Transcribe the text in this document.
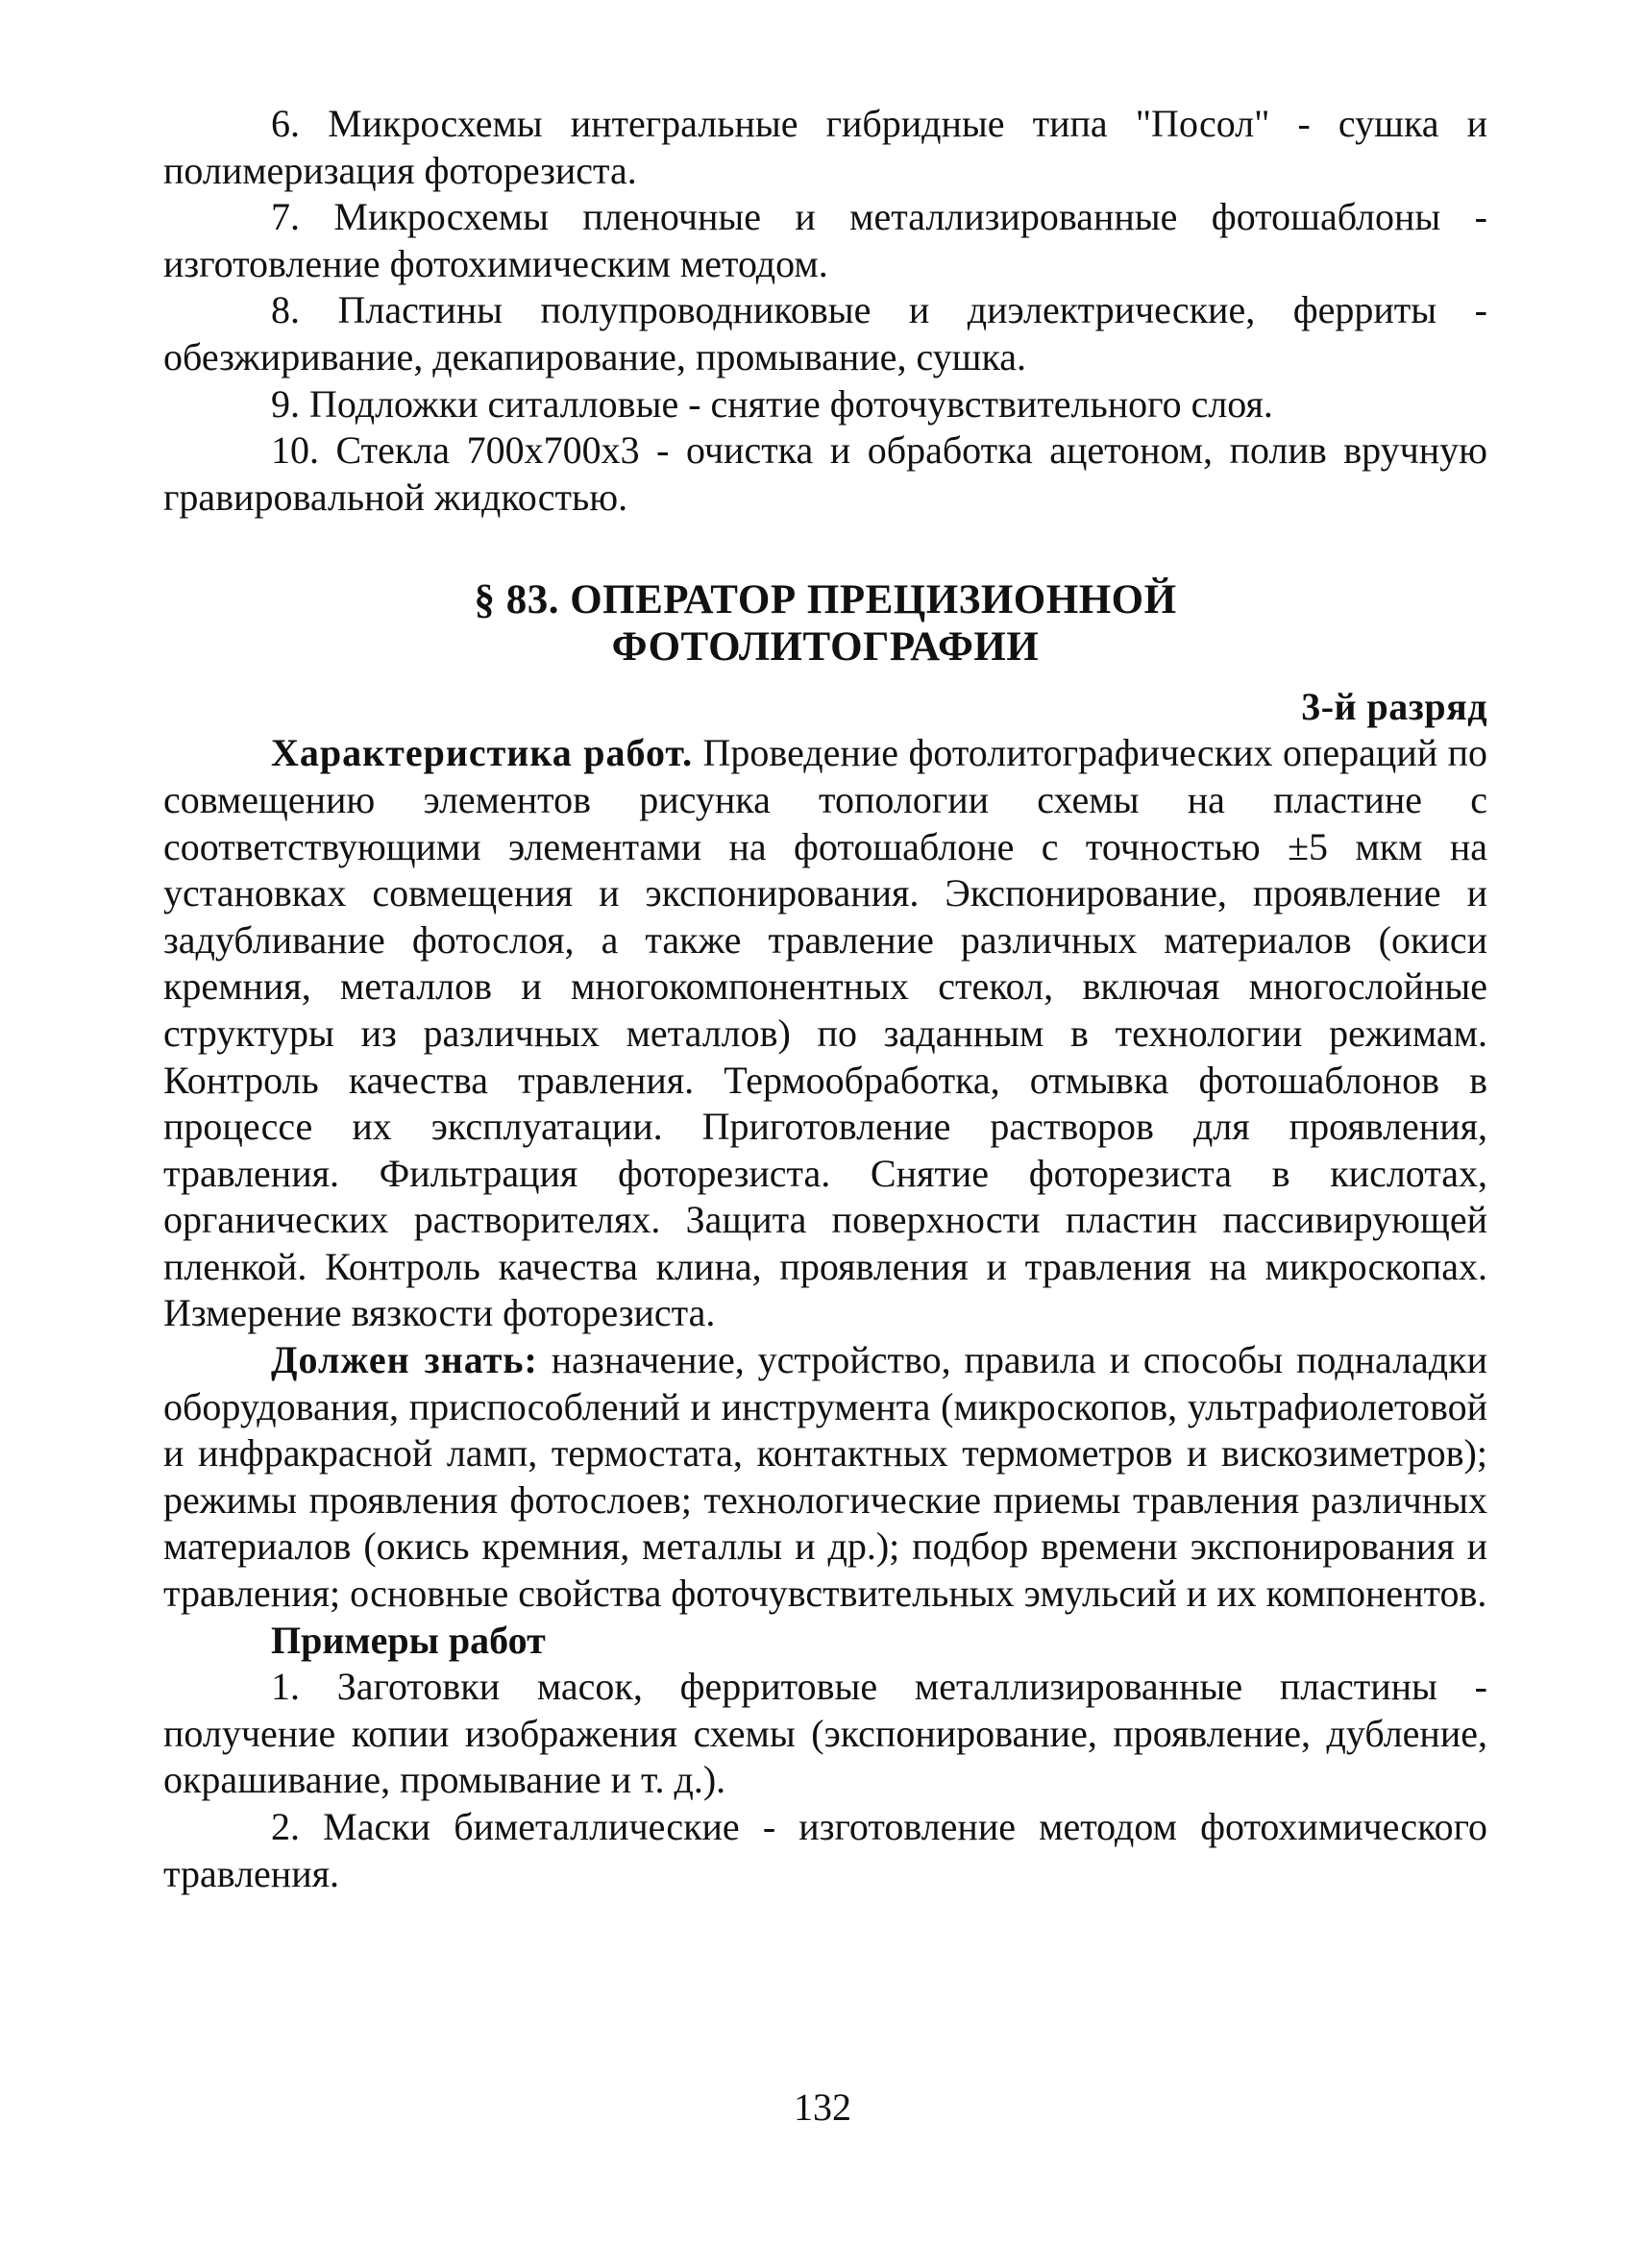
6. Микросхемы интегральные гибридные типа "Посол" - сушка и полимеризация фоторезиста.

7. Микросхемы пленочные и металлизированные фотошаблоны - изготовление фотохимическим методом.

8. Пластины полупроводниковые и диэлектрические, ферриты - обезжиривание, декапирование, промывание, сушка.

9. Подложки ситалловые - снятие фоточувствительного слоя.

10. Стекла 700х700х3 - очистка и обработка ацетоном, полив вручную гравировальной жидкостью.

§ 83. ОПЕРАТОР ПРЕЦИЗИОННОЙ

ФОТОЛИТОГРАФИИ

3-й разряд

Характеристика работ. Проведение фотолитографических операций по совмещению элементов рисунка топологии схемы на пластине с соответствующими элементами на фотошаблоне с точностью ±5 мкм на установках совмещения и экспонирования. Экспонирование, проявление и задубливание фотослоя, а также травление различных материалов (окиси кремния, металлов и многокомпонентных стекол, включая многослойные структуры из различных металлов) по заданным в технологии режимам. Контроль качества травления. Термообработка, отмывка фотошаблонов в процессе их эксплуатации. Приготовление растворов для проявления, травления. Фильтрация фоторезиста. Снятие фоторезиста в кислотах, органических растворителях. Защита поверхности пластин пассивирующей пленкой. Контроль качества клина, проявления и травления на микроскопах. Измерение вязкости фоторезиста.

Должен знать: назначение, устройство, правила и способы подналадки оборудования, приспособлений и инструмента (микроскопов, ультрафиолетовой и инфракрасной ламп, термостата, контактных термометров и вискозиметров); режимы проявления фотослоев; технологические приемы травления различных материалов (окись кремния, металлы и др.); подбор времени экспонирования и травления; основные свойства фоточувствительных эмульсий и их компонентов.

Примеры работ

1. Заготовки масок, ферритовые металлизированные пластины - получение копии изображения схемы (экспонирование, проявление, дубление, окрашивание, промывание и т. д.).

2. Маски биметаллические - изготовление методом фотохимического травления.

132
